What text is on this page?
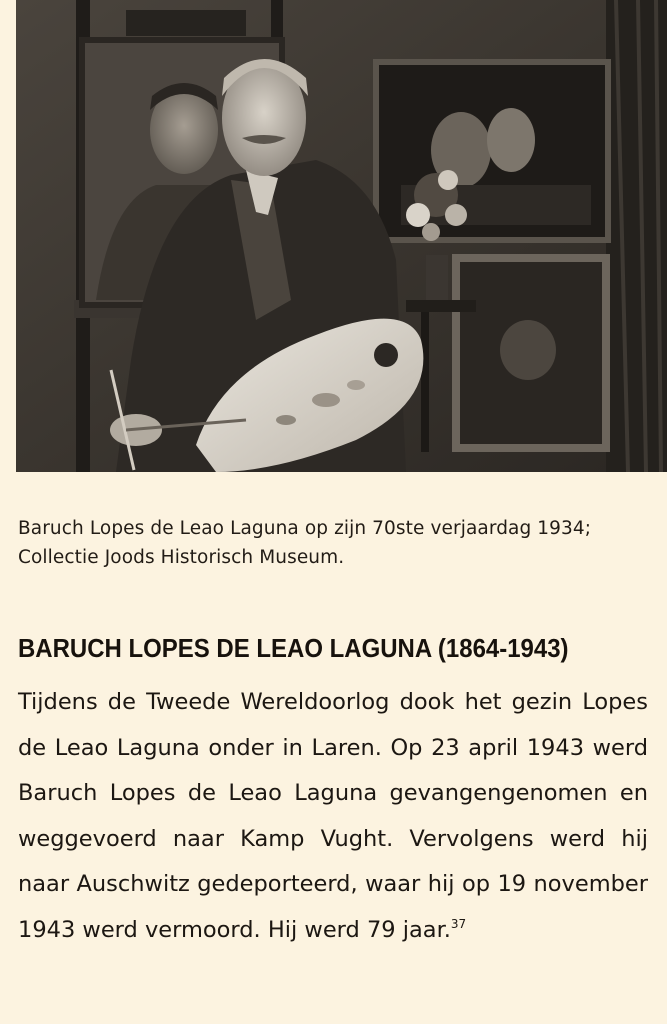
Baruch Lopes de Leao Laguna op zijn 70ste verjaardag 1934; Collectie Joods Historisch Museum.

BARUCH LOPES DE LEAO LAGUNA (1864-1943)

Tijdens de Tweede Wereldoorlog dook het gezin Lopes de Leao Laguna onder in Laren. Op 23 april 1943 werd Baruch Lopes de Leao Laguna gevangengenomen en weggevoerd naar Kamp Vught. Vervolgens werd hij naar Auschwitz gedeporteerd, waar hij op 19 november 1943 werd vermoord. Hij werd 79 jaar.$^{37}$
